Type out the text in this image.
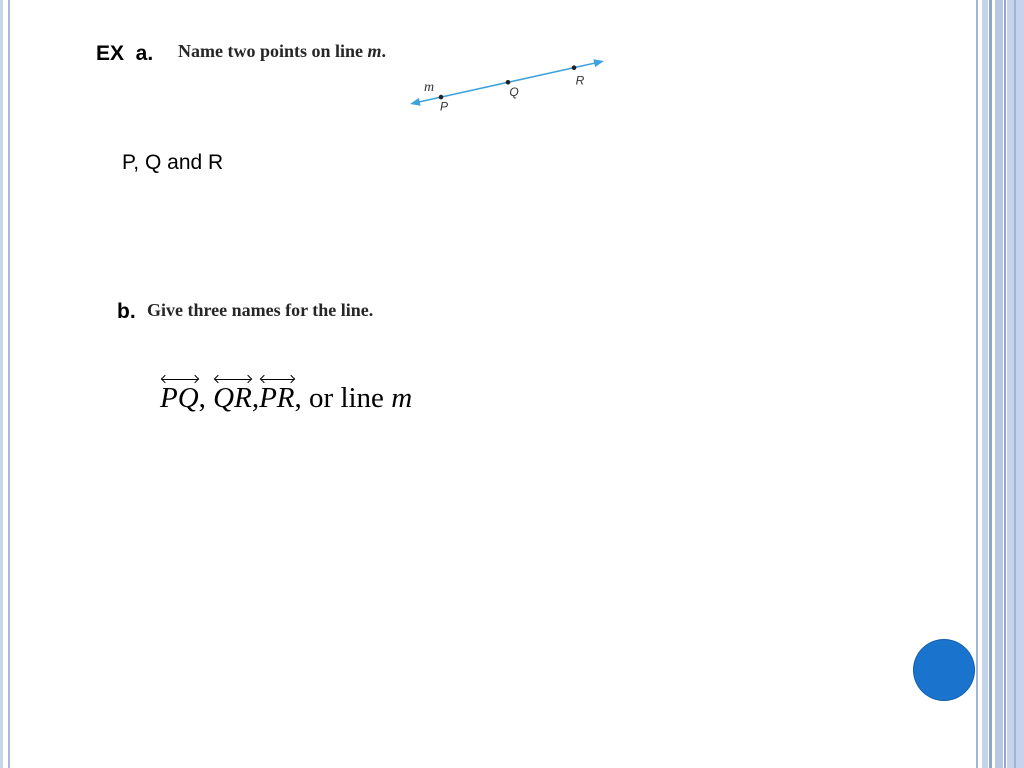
EX  a. Name two points on line m.
m
P
Q
R
P, Q and R
b. Give three names for the line.
PQ,
QR,
PR, or line m
